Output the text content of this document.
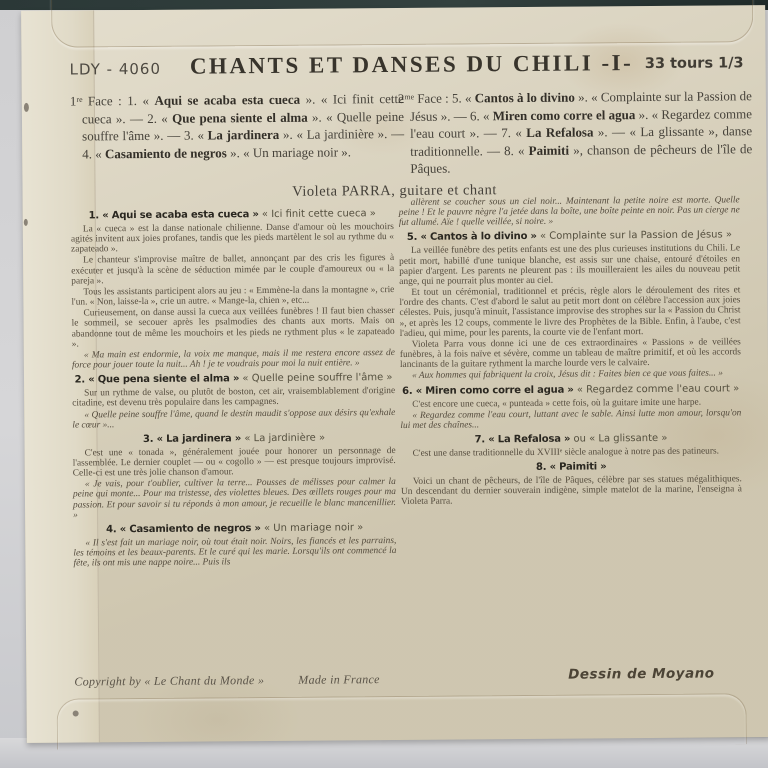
LDY - 4060	CHANTS ET DANSES DU CHILI -I- 33 tours 1/3
1ʳᵉ Face : 1. « Aqui se acaba esta cueca ». « Ici finit cette cueca ». — 2. « Que pena siente el alma ». « Quelle peine souffre l'âme ». — 3. « La jardinera ». « La jardinière ». — 4. « Casamiento de negros ». « Un mariage noir ».
2ᵐᵉ Face : 5. « Cantos à lo divino ». « Complainte sur la Passion de Jésus ». — 6. « Miren como corre el agua ». « Regardez comme l'eau court ». — 7. « La Refalosa ». — « La glissante », danse traditionnelle. — 8. « Paimiti », chanson de pêcheurs de l'île de Pâques.
Violeta PARRA, guitare et chant
1. « Aqui se acaba esta cueca » « Ici finit cette cueca »

La « cueca » est la danse nationale chilienne. Danse d'amour où les mouchoirs agités invitent aux joies profanes, tandis que les pieds martèlent le sol au rythme du « zapateado ».

Le chanteur s'improvise maître de ballet, annonçant par des cris les figures à exécuter et jusqu'à la scène de séduction mimée par le couple d'amoureux ou « la pareja ».

Tous les assistants participent alors au jeu : « Emmène-la dans la montagne », crie l'un. « Non, laisse-la », crie un autre. « Mange-la, chien », etc...

Curieusement, on danse aussi la cueca aux veillées funèbres ! Il faut bien chasser le sommeil, se secouer après les psalmodies des chants aux morts. Mais on abandonne tout de même les mouchoirs et les pieds ne rythment plus « le zapateado ».

« Ma main est endormie, la voix me manque, mais il me restera encore assez de force pour jouer toute la nuit... Ah ! je te voudrais pour moi la nuit entière. »

2. « Que pena siente el alma » « Quelle peine souffre l'âme »

Sur un rythme de valse, ou plutôt de boston, cet air, vraisemblablement d'origine citadine, est devenu très populaire dans les campagnes.

« Quelle peine souffre l'âme, quand le destin maudit s'oppose aux désirs qu'exhale le cœur »...

3. « La jardinera » « La jardinière »

C'est une « tonada », généralement jouée pour honorer un personnage de l'assemblée. Le dernier couplet — ou « cogollo » — est presque toujours improvisé. Celle-ci est une très jolie chanson d'amour.

« Je vais, pour t'oublier, cultiver la terre... Pousses de mélisses pour calmer la peine qui monte... Pour ma tristesse, des violettes bleues. Des œillets rouges pour ma passion. Et pour savoir si tu réponds à mon amour, je recueille le blanc mancenillier. »

4. « Casamiento de negros » « Un mariage noir »

« Il s'est fait un mariage noir, où tout était noir. Noirs, les fiancés et les parrains, les témoins et les beaux-parents. Et le curé qui les marie. Lorsqu'ils ont commencé la fête, ils ont mis une nappe noire... Puis ils

allèrent se coucher sous un ciel noir... Maintenant la petite noire est morte. Quelle peine ! Et le pauvre nègre l'a jetée dans la boîte, une boîte peinte en noir. Pas un cierge ne fut allumé. Aïe ! quelle veillée, si noire. »

5. « Cantos à lo divino » « Complainte sur la Passion de Jésus »

La veillée funèbre des petits enfants est une des plus curieuses institutions du Chili. Le petit mort, habillé d'une tunique blanche, est assis sur une chaise, entouré d'étoiles en papier d'argent. Les parents ne pleurent pas : ils mouilleraient les ailes du nouveau petit ange, qui ne pourrait plus monter au ciel.

Et tout un cérémonial, traditionnel et précis, règle alors le déroulement des rites et l'ordre des chants. C'est d'abord le salut au petit mort dont on célèbre l'accession aux joies célestes. Puis, jusqu'à minuit, l'assistance improvise des strophes sur la « Passion du Christ », et après les 12 coups, commente le livre des Prophètes de la Bible. Enfin, à l'aube, c'est l'adieu, qui mime, pour les parents, la courte vie de l'enfant mort.

Violeta Parra vous donne ici une de ces extraordinaires « Passions » de veillées funèbres, à la fois naïve et sévère, comme un tableau de maître primitif, et où les accords lancinants de la guitare rythment la marche lourde vers le calvaire.

« Aux hommes qui fabriquent la croix, Jésus dit : Faites bien ce que vous faites... »

6. « Miren como corre el agua » « Regardez comme l'eau court »

C'est encore une cueca, « punteada » cette fois, où la guitare imite une harpe.

« Regardez comme l'eau court, luttant avec le sable. Ainsi lutte mon amour, lorsqu'on lui met des chaînes...

7. « La Refalosa » ou « La glissante »

C'est une danse traditionnelle du XVIIIᵉ siècle analogue à notre pas des patineurs.

8. « Paimiti »

Voici un chant de pêcheurs, de l'île de Pâques, célèbre par ses statues mégalithiques. Un descendant du dernier souverain indigène, simple matelot de la marine, l'enseigna à Violeta Parra.

Copyright by « Le Chant du Monde »	Made in France	Dessin de Moyano
